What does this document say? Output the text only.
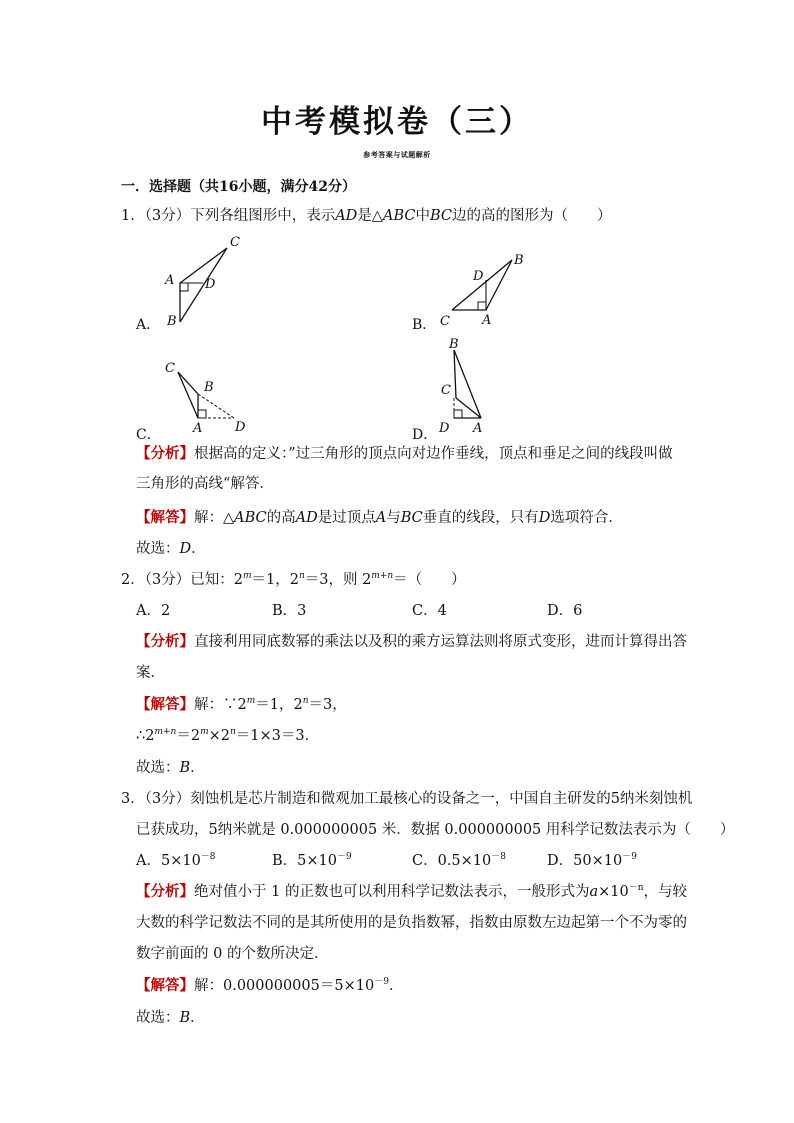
中考模拟卷（三）
参考答案与试题解析
一．选择题（共16小题，满分42分）
1．（3分）下列各组图形中，表示AD是△ABC中BC边的高的图形为（　　）
A．
C
A D
B	B．
B
D
C A
C．
C
B
A	D	D．
B
C
D A
【分析】根据高的定义：”过三角形的顶点向对边作垂线，顶点和垂足之间的线段叫做
三角形的高线“解答．
【解答】解：△ABC的高AD是过顶点A与BC垂直的线段，只有D选项符合．
故选：D．
2．（3分）已知：$2^m=1$，$2^n=3$，则 $2^{m+n}=$（　　）
A．2	B．3	C．4	D．6
【分析】直接利用同底数幂的乘法以及积的乘方运算法则将原式变形，进而计算得出答
案．
【解答】解：$\because 2^m=1$，$2^n=3$，
$\therefore 2^{m+n}=2^m\times 2^n=1\times 3=3$．
故选：B．
3．（3分）刻蚀机是芯片制造和微观加工最核心的设备之一，中国自主研发的5纳米刻蚀机
已获成功，5纳米就是 0.000000005 米．数据 0.000000005 用科学记数法表示为（　　）
A．$5\times 10^{-8}$	B．$5\times 10^{-9}$	C．$0.5\times 10^{-8}$	D．$50\times 10^{-9}$
【分析】绝对值小于 1 的正数也可以利用科学记数法表示，一般形式为$a\times 10^{-n}$，与较
大数的科学记数法不同的是其所使用的是负指数幂，指数由原数左边起第一个不为零的
数字前面的 0 的个数所决定．
【解答】解：$0.000000005=5\times 10^{-9}$．
故选：B．
